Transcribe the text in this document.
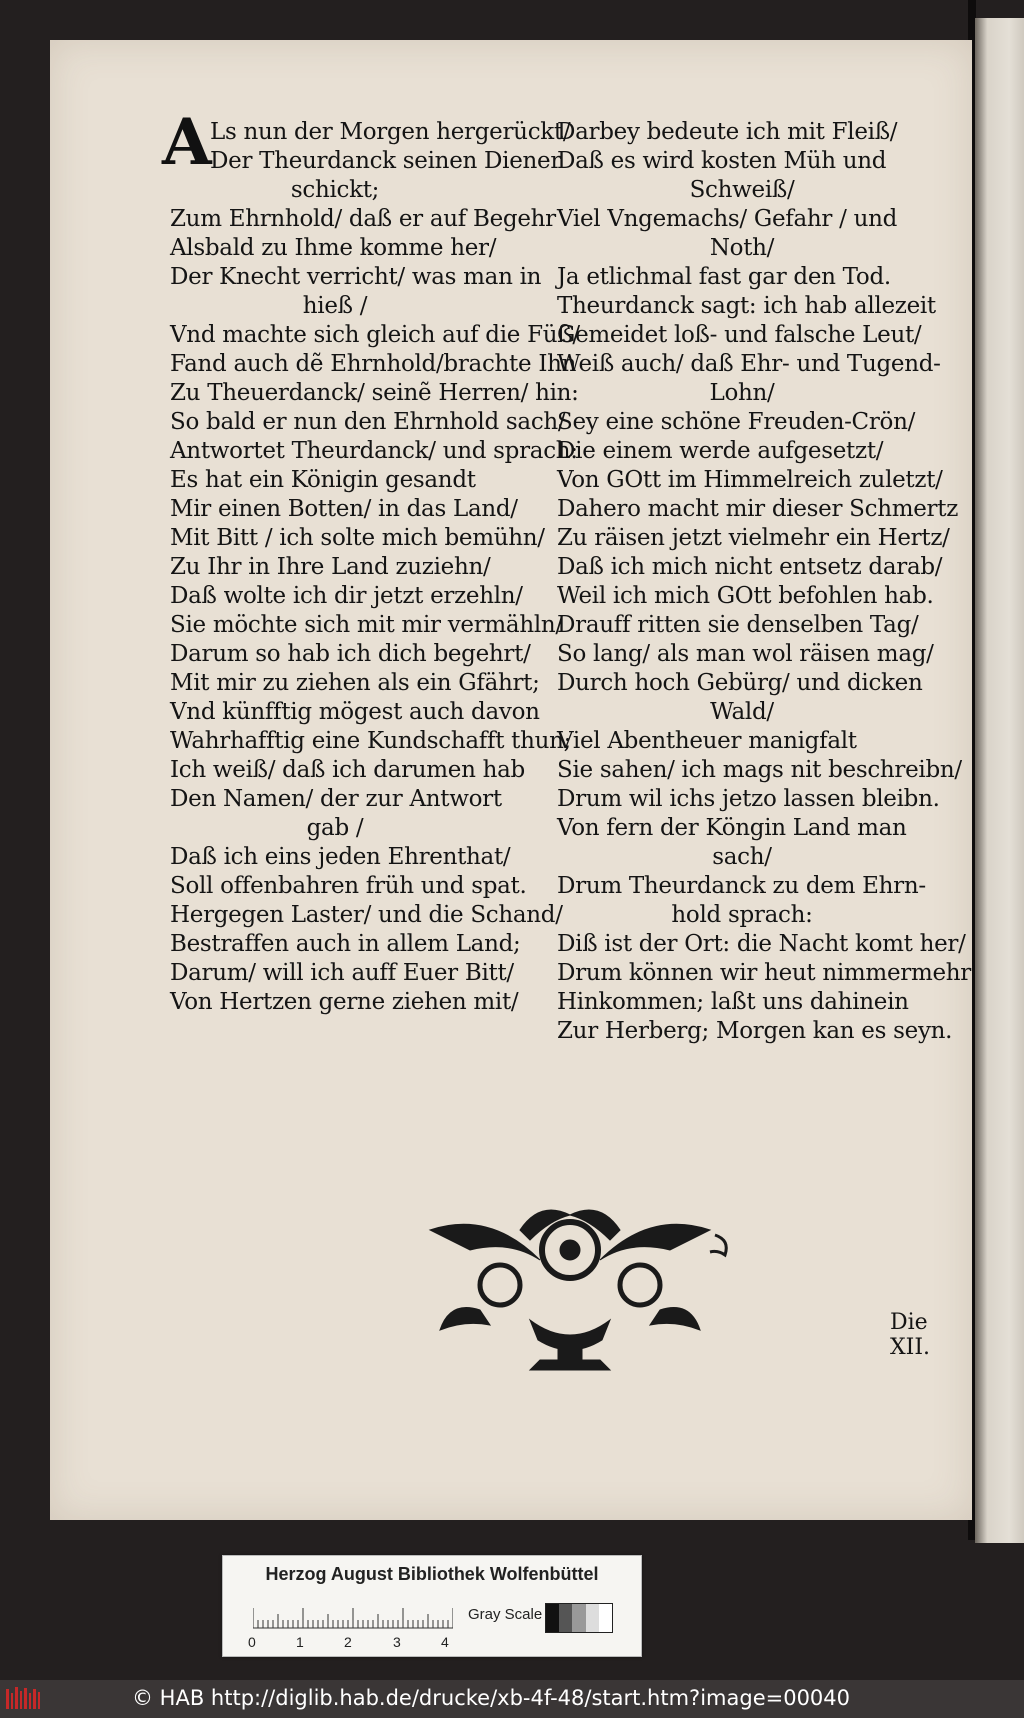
A
Ls nun der Morgen hergerückt/
Der Theurdanck seinen Diener
schickt;
Zum Ehrnhold/ daß er auf Begehr
Alsbald zu Ihme komme her/
Der Knecht verricht/ was man in
hieß /
Vnd machte sich gleich auf die Füß/
Fand auch dẽ Ehrnhold/brachte Ihn
Zu Theuerdanck/ seinẽ Herren/ hin:
So bald er nun den Ehrnhold sach/
Antwortet Theurdanck/ und sprach:
Es hat ein Königin gesandt
Mir einen Botten/ in das Land/
Mit Bitt / ich solte mich bemühn/
Zu Ihr in Ihre Land zuziehn/
Daß wolte ich dir jetzt erzehln/
Sie möchte sich mit mir vermähln/
Darum so hab ich dich begehrt/
Mit mir zu ziehen als ein Gfährt;
Vnd künfftig mögest auch davon
Wahrhafftig eine Kundschafft thun;
Ich weiß/ daß ich darumen hab
Den Namen/ der zur Antwort
gab /
Daß ich eins jeden Ehrenthat/
Soll offenbahren früh und spat.
Hergegen Laster/ und die Schand/
Bestraffen auch in allem Land;
Darum/ will ich auff Euer Bitt/
Von Hertzen gerne ziehen mit/
Darbey bedeute ich mit Fleiß/
Daß es wird kosten Müh und
Schweiß/
Viel Vngemachs/ Gefahr / und
Noth/
Ja etlichmal fast gar den Tod.
Theurdanck sagt: ich hab allezeit
Gemeidet loß- und falsche Leut/
Weiß auch/ daß Ehr- und Tugend-
Lohn/
Sey eine schöne Freuden-Crön/
Die einem werde aufgesetzt/
Von GOtt im Himmelreich zuletzt/
Dahero macht mir dieser Schmertz
Zu räisen jetzt vielmehr ein Hertz/
Daß ich mich nicht entsetz darab/
Weil ich mich GOtt befohlen hab.
Drauff ritten sie denselben Tag/
So lang/ als man wol räisen mag/
Durch hoch Gebürg/ und dicken
Wald/
Viel Abentheuer manigfalt
Sie sahen/ ich mags nit beschreibn/
Drum wil ichs jetzo lassen bleibn.
Von fern der Köngin Land man
sach/
Drum Theurdanck zu dem Ehrn-
hold sprach:
Diß ist der Ort: die Nacht komt her/
Drum können wir heut nimmermehr
Hinkommen; laßt uns dahinein
Zur Herberg; Morgen kan es seyn.
Die XII.
Herzog August Bibliothek Wolfenbüttel
0	1	2	3	4
Gray Scale
© HAB http://diglib.hab.de/drucke/xb-4f-48/start.htm?image=00040
